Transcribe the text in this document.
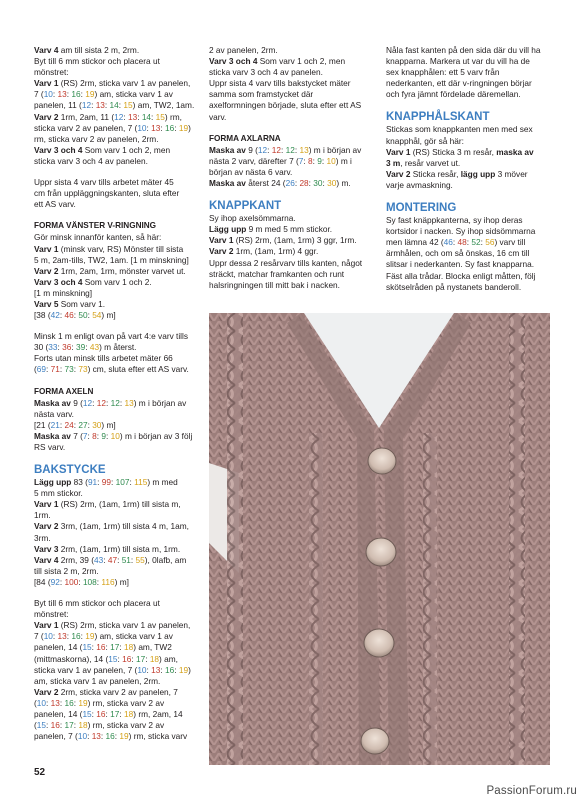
Varv 4 am till sista 2 m, 2rm.
Byt till 6 mm stickor och placera ut
mönstret:
Varv 1 (RS) 2rm, sticka varv 1 av panelen,
7 (10: 13: 16: 19) am, sticka varv 1 av
panelen, 11 (12: 13: 14: 15) am, TW2, 1am.
Varv 2 1rm, 2am, 11 (12: 13: 14: 15) rm,
sticka varv 2 av panelen, 7 (10: 13: 16: 19)
rm, sticka varv 2 av panelen, 2rm.
Varv 3 och 4 Som varv 1 och 2, men
sticka varv 3 och 4 av panelen.
Uppr sista 4 varv tills arbetet mäter 45
cm från uppläggningskanten, sluta efter
ett AS varv.
FORMA VÄNSTER V-RINGNING
Gör minsk innanför kanten, så här:
Varv 1 (minsk varv, RS) Mönster till sista
5 m, 2am-tills, TW2, 1am. [1 m minskning]
Varv 2 1rm, 2am, 1rm, mönster varvet ut.
Varv 3 och 4 Som varv 1 och 2.
[1 m minskning]
Varv 5 Som varv 1.
[38 (42: 46: 50: 54) m]
Minsk 1 m enligt ovan på vart 4:e varv tills
30 (33: 36: 39: 43) m återst.
Forts utan minsk tills arbetet mäter 66
(69: 71: 73: 73) cm, sluta efter ett AS varv.
FORMA AXELN
Maska av 9 (12: 12: 12: 13) m i början av
nästa varv.
[21 (21: 24: 27: 30) m]
Maska av 7 (7: 8: 9: 10) m i början av 3 följ
RS varv.
BAKSTYCKE
Lägg upp 83 (91: 99: 107: 115) m med
5 mm stickor.
Varv 1 (RS) 2rm, (1am, 1rm) till sista m,
1rm.
Varv 2 3rm, (1am, 1rm) till sista 4 m, 1am,
3rm.
Varv 3 2rm, (1am, 1rm) till sista m, 1rm.
Varv 4 2rm, 39 (43: 47: 51: 55), 0lafb, am
till sista 2 m, 2rm.
[84 (92: 100: 108: 116) m]
Byt till 6 mm stickor och placera ut
mönstret:
Varv 1 (RS) 2rm, sticka varv 1 av panelen,
7 (10: 13: 16: 19) am, sticka varv 1 av
panelen, 14 (15: 16: 17: 18) am, TW2
(mittmaskorna), 14 (15: 16: 17: 18) am,
sticka varv 1 av panelen, 7 (10: 13: 16: 19)
am, sticka varv 1 av panelen, 2rm.
Varv 2 2rm, sticka varv 2 av panelen, 7
(10: 13: 16: 19) rm, sticka varv 2 av
panelen, 14 (15: 16: 17: 18) rm, 2am, 14
(15: 16: 17: 18) rm, sticka varv 2 av
panelen, 7 (10: 13: 16: 19) rm, sticka varv
2 av panelen, 2rm.
Varv 3 och 4 Som varv 1 och 2, men
sticka varv 3 och 4 av panelen.
Uppr sista 4 varv tills bakstycket mäter
samma som framstycket där
axelformningen började, sluta efter ett AS
varv.
FORMA AXLARNA
Maska av 9 (12: 12: 12: 13) m i början av
nästa 2 varv, därefter 7 (7: 8: 9: 10) m i
början av nästa 6 varv.
Maska av återst 24 (26: 28: 30: 30) m.
KNAPPKANT
Sy ihop axelsömmarna.
Lägg upp 9 m med 5 mm stickor.
Varv 1 (RS) 2rm, (1am, 1rm) 3 ggr, 1rm.
Varv 2 1rm, (1am, 1rm) 4 ggr.
Uppr dessa 2 resårvarv tills kanten, något
sträckt, matchar framkanten och runt
halsringningen till mitt bak i nacken.
Nåla fast kanten på den sida där du vill ha
knapparna. Markera ut var du vill ha de
sex knapphålen: ett 5 varv från
nederkanten, ett där v-ringningen börjar
och fyra jämnt fördelade däremellan.
KNAPPHÅLSKANT
Stickas som knappkanten men med sex
knapphål, gör så här:
Varv 1 (RS) Sticka 3 m resår, maska av
3 m, resår varvet ut.
Varv 2 Sticka resår, lägg upp 3 möver
varje avmaskning.
MONTERING
Sy fast knäppkanterna, sy ihop deras
kortsidor i nacken. Sy ihop sidsömmarna
men lämna 42 (46: 48: 52: 56) varv till
ärmhålen, och om så önskas, 16 cm till
slitsar i nederkanten. Sy fast knapparna.
Fäst alla trådar. Blocka enligt måtten, följ
skötselråden på nystanets banderoll.
52
PassionForum.ru
